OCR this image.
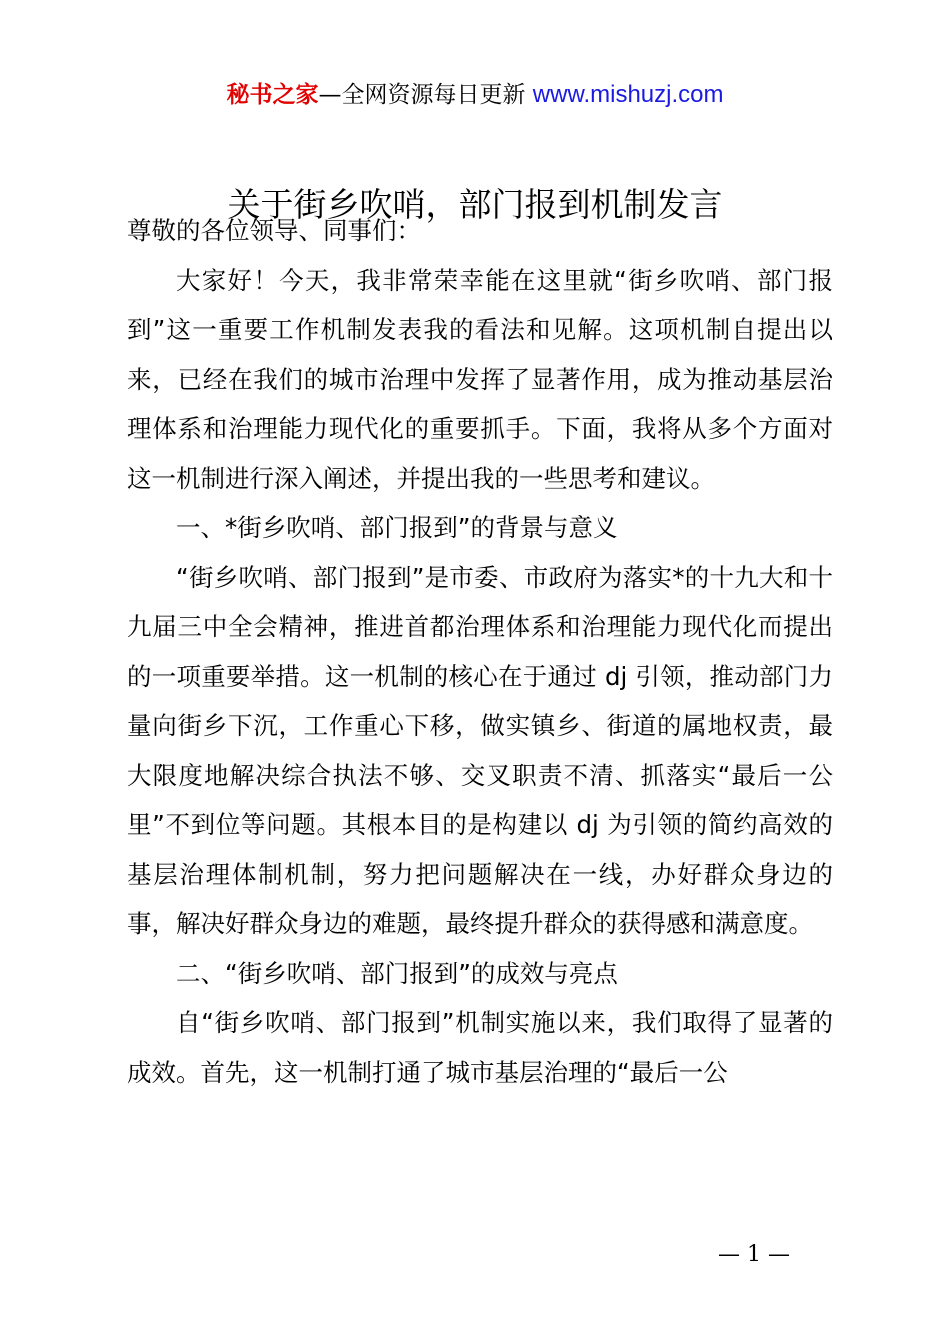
秘书之家—全网资源每日更新 www.mishuzj.com
关于街乡吹哨，部门报到机制发言

尊敬的各位领导、同事们：

大家好！今天，我非常荣幸能在这里就“街乡吹哨、部门报到”这一重要工作机制发表我的看法和见解。这项机制自提出以来，已经在我们的城市治理中发挥了显著作用，成为推动基层治理体系和治理能力现代化的重要抓手。下面，我将从多个方面对这一机制进行深入阐述，并提出我的一些思考和建议。

一、*街乡吹哨、部门报到”的背景与意义

“街乡吹哨、部门报到”是市委、市政府为落实*的十九大和十九届三中全会精神，推进首都治理体系和治理能力现代化而提出的一项重要举措。这一机制的核心在于通过 dj 引领，推动部门力量向街乡下沉，工作重心下移，做实镇乡、街道的属地权责，最大限度地解决综合执法不够、交叉职责不清、抓落实“最后一公里”不到位等问题。其根本目的是构建以 dj 为引领的简约高效的基层治理体制机制，努力把问题解决在一线，办好群众身边的事，解决好群众身边的难题，最终提升群众的获得感和满意度。

二、“街乡吹哨、部门报到”的成效与亮点

自“街乡吹哨、部门报到”机制实施以来，我们取得了显著的成效。首先，这一机制打通了城市基层治理的“最后一公

— 1 —
